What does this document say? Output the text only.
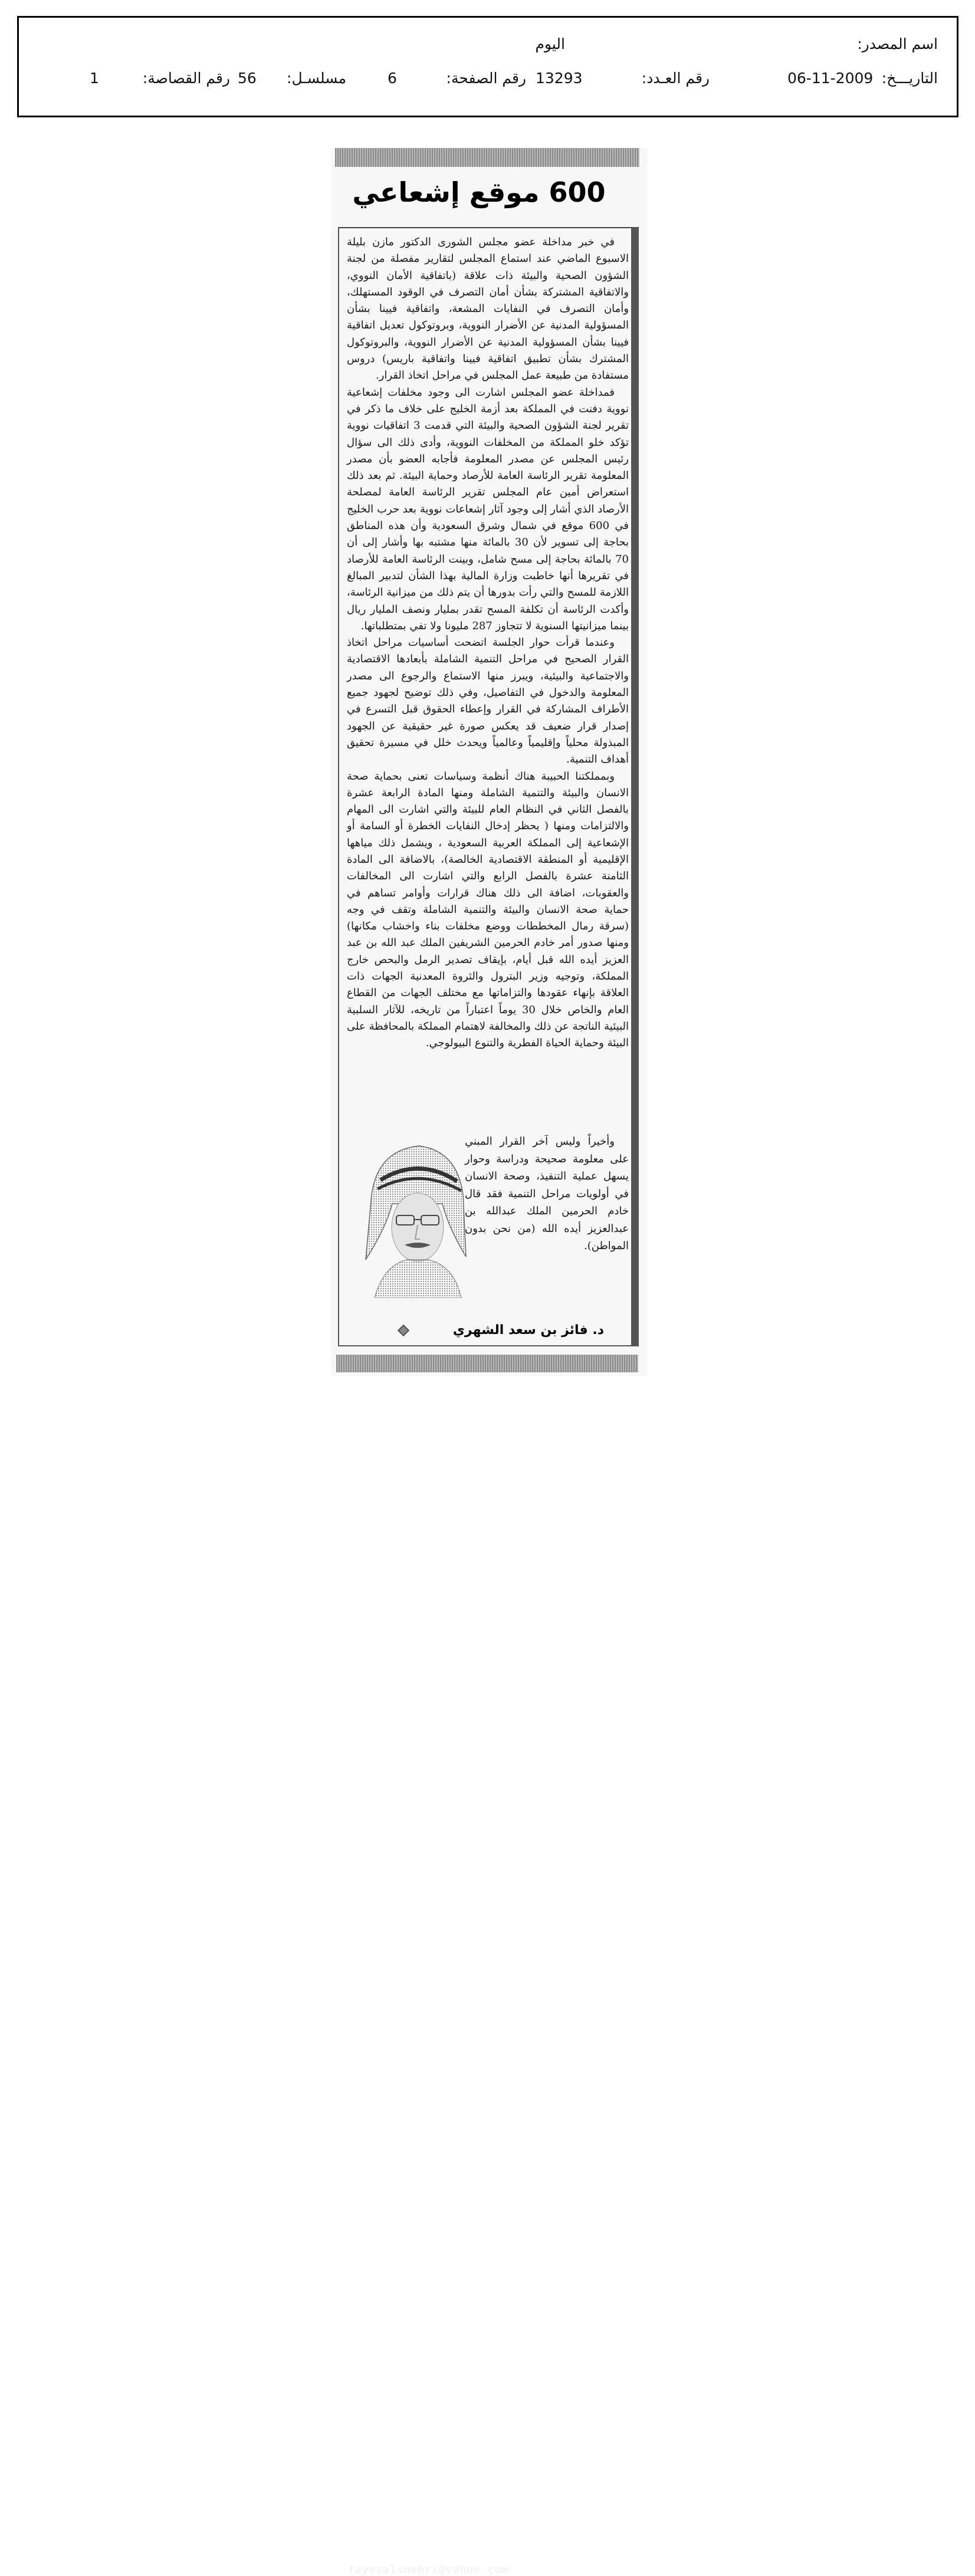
اسم المصدر:
اليوم
التاريـــخ:
06-11-2009
رقم العـدد:
13293
رقم الصفحة:
6
مسلسـل:
56
رقم القصاصة:
1
600 موقع إشعاعي

في خبر مداخلة عضو مجلس الشورى الدكتور مازن بليلة الاسبوع الماضي عند استماع المجلس لتقارير مفصلة من لجنة الشؤون الصحية والبيئة ذات علاقة (باتفاقية الأمان النووي، والاتفاقية المشتركة بشأن أمان التصرف في الوقود المستهلك، وأمان التصرف في النفايات المشعة، واتفاقية فيينا بشأن المسؤولية المدنية عن الأضرار النووية، وبروتوكول تعديل اتفاقية فيينا بشأن المسؤولية المدنية عن الأضرار النووية، والبروتوكول المشترك بشأن تطبيق اتفاقية فيينا واتفاقية باريس) دروس مستفادة من طبيعة عمل المجلس في مراحل اتخاذ القرار.

فمداخلة عضو المجلس اشارت الى وجود مخلفات إشعاعية نووية دفنت في المملكة بعد أزمة الخليج على خلاف ما ذكر في تقرير لجنة الشؤون الصحية والبيئة التي قدمت 3 اتفاقيات نووية تؤكد خلو المملكة من المخلفات النووية، وأدى ذلك الى سؤال رئيس المجلس عن مصدر المعلومة فأجابه العضو بأن مصدر المعلومة تقرير الرئاسة العامة للأرصاد وحماية البيئة. ثم بعد ذلك استعراض أمين عام المجلس تقرير الرئاسة العامة لمصلحة الأرصاد الذي أشار إلى وجود آثار إشعاعات نووية بعد حرب الخليج في 600 موقع في شمال وشرق السعودية وأن هذه المناطق بحاجة إلى تسوير لأن 30 بالمائة منها مشتبه بها وأشار إلى أن 70 بالمائة بحاجة إلى مسح شامل، وبينت الرئاسة العامة للأرصاد في تقريرها أنها خاطبت وزارة المالية بهذا الشأن لتدبير المبالغ اللازمة للمسح والتي رأت بدورها أن يتم ذلك من ميزانية الرئاسة، وأكدت الرئاسة أن تكلفة المسح تقدر بمليار ونصف المليار ريال بينما ميزانيتها السنوية لا تتجاوز 287 مليونا ولا تفي بمتطلباتها.

وعندما قرأت حوار الجلسة اتضحت أساسيات مراحل اتخاذ القرار الصحيح في مراحل التنمية الشاملة بأبعادها الاقتصادية والاجتماعية والبيئية، ويبرز منها الاستماع والرجوع الى مصدر المعلومة والدخول في التفاصيل، وفي ذلك توضيح لجهود جميع الأطراف المشاركة في القرار وإعطاء الحقوق قبل التسرع في إصدار قرار ضعيف قد يعكس صورة غير حقيقية عن الجهود المبذولة محلياً وإقليمياً وعالمياً ويحدث خلل في مسيرة تحقيق أهداف التنمية.

وبمملكتنا الحبيبة هناك أنظمة وسياسات تعنى بحماية صحة الانسان والبيئة والتنمية الشاملة ومنها المادة الرابعة عشرة بالفصل الثاني في النظام العام للبيئة والتي اشارت الى المهام والالتزامات ومنها ( يحظر إدخال النفايات الخطرة أو السامة أو الإشعاعية إلى المملكة العربية السعودية ، ويشمل ذلك مياهها الإقليمية أو المنطقة الاقتصادية الخالصة)، بالاضافة الى المادة الثامنة عشرة بالفصل الرابع والتي اشارت الى المخالفات والعقوبات، اضافة الى ذلك هناك قرارات وأوامر تساهم في حماية صحة الانسان والبيئة والتنمية الشاملة وتقف في وجه (سرقة رمال المخططات ووضع مخلفات بناء واخشاب مكانها) ومنها صدور أمر خادم الحرمين الشريفين الملك عبد الله بن عبد العزيز أيده الله قبل أيام، بإيقاف تصدير الرمل والبحص خارج المملكة، وتوجيه وزير البترول والثروة المعدنية الجهات ذات العلاقة بإنهاء عقودها والتزاماتها مع مختلف الجهات من القطاع العام والخاص خلال 30 يوماً اعتباراً من تاريخه، للآثار السلبية البيئية الناتجة عن ذلك والمخالفة لاهتمام المملكة بالمحافظة على البيئة وحماية الحياة الفطرية والتنوع البيولوجي.

وأخيراً وليس آخر القرار المبني على معلومة صحيحة ودراسة وحوار يسهل عملية التنفيذ، وصحة الانسان في أولويات مراحل التنمية فقد قال خادم الحرمين الملك عبدالله بن عبدالعزيز أيده الله (من نحن بدون المواطن).

د. فائز بن سعد الشهري
fayezalshehri@yahoo.com
